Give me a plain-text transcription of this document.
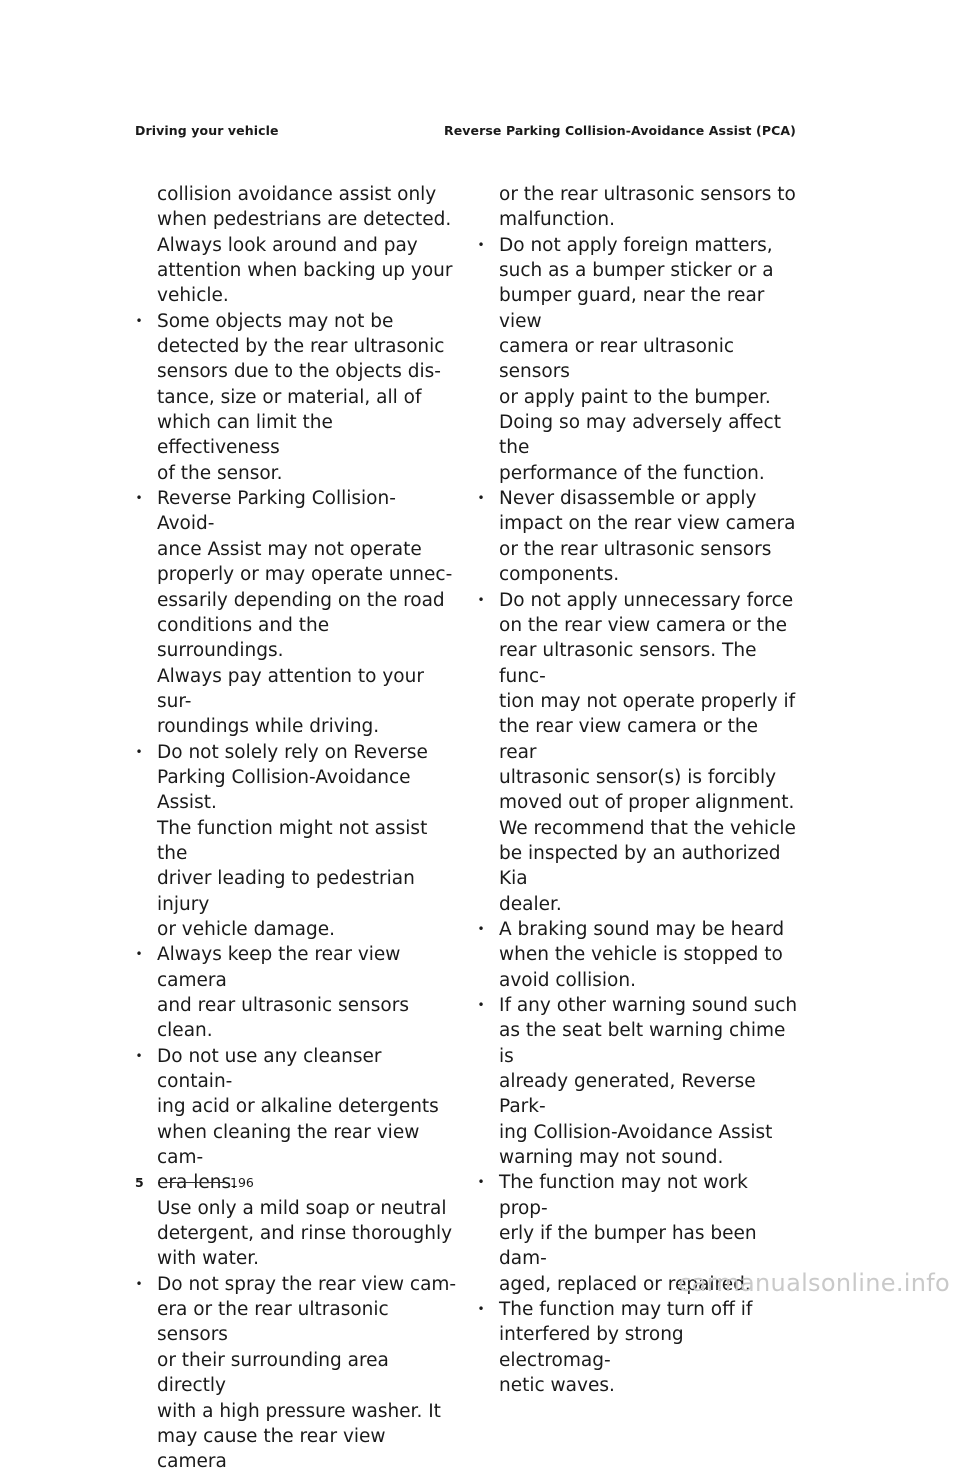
Driving your vehicle	Reverse Parking Collision-Avoidance Assist (PCA)

collision avoidance assist only
when pedestrians are detected.
Always look around and pay
attention when backing up your
vehicle.

•
Some objects may not be
detected by the rear ultrasonic
sensors due to the objects dis-
tance, size or material, all of
which can limit the effectiveness
of the sensor.
•
Reverse Parking Collision- Avoid-
ance Assist may not operate
properly or may operate unnec-
essarily depending on the road
conditions and the surroundings.
Always pay attention to your sur-
roundings while driving.
•
Do not solely rely on Reverse
Parking Collision-Avoidance Assist.
The function might not assist the
driver leading to pedestrian injury
or vehicle damage.
•
Always keep the rear view camera
and rear ultrasonic sensors clean.
•
Do not use any cleanser contain-
ing acid or alkaline detergents
when cleaning the rear view cam-
era lens.
Use only a mild soap or neutral
detergent, and rinse thoroughly
with water.
•
Do not spray the rear view cam-
era or the rear ultrasonic sensors
or their surrounding area directly
with a high pressure washer. It
may cause the rear view camera

or the rear ultrasonic sensors to
malfunction.

•
Do not apply foreign matters,
such as a bumper sticker or a
bumper guard, near the rear view
camera or rear ultrasonic sensors
or apply paint to the bumper.
Doing so may adversely affect the
performance of the function.
•
Never disassemble or apply
impact on the rear view camera
or the rear ultrasonic sensors
components.
•
Do not apply unnecessary force
on the rear view camera or the
rear ultrasonic sensors. The func-
tion may not operate properly if
the rear view camera or the rear
ultrasonic sensor(s) is forcibly
moved out of proper alignment.
We recommend that the vehicle
be inspected by an authorized Kia
dealer.
•
A braking sound may be heard
when the vehicle is stopped to
avoid collision.
•
If any other warning sound such
as the seat belt warning chime is
already generated, Reverse Park-
ing Collision-Avoidance Assist
warning may not sound.
•
The function may not work prop-
erly if the bumper has been dam-
aged, replaced or repaired.
•
The function may turn off if
interfered by strong electromag-
netic waves.
5	196
carmanualsonline.info
